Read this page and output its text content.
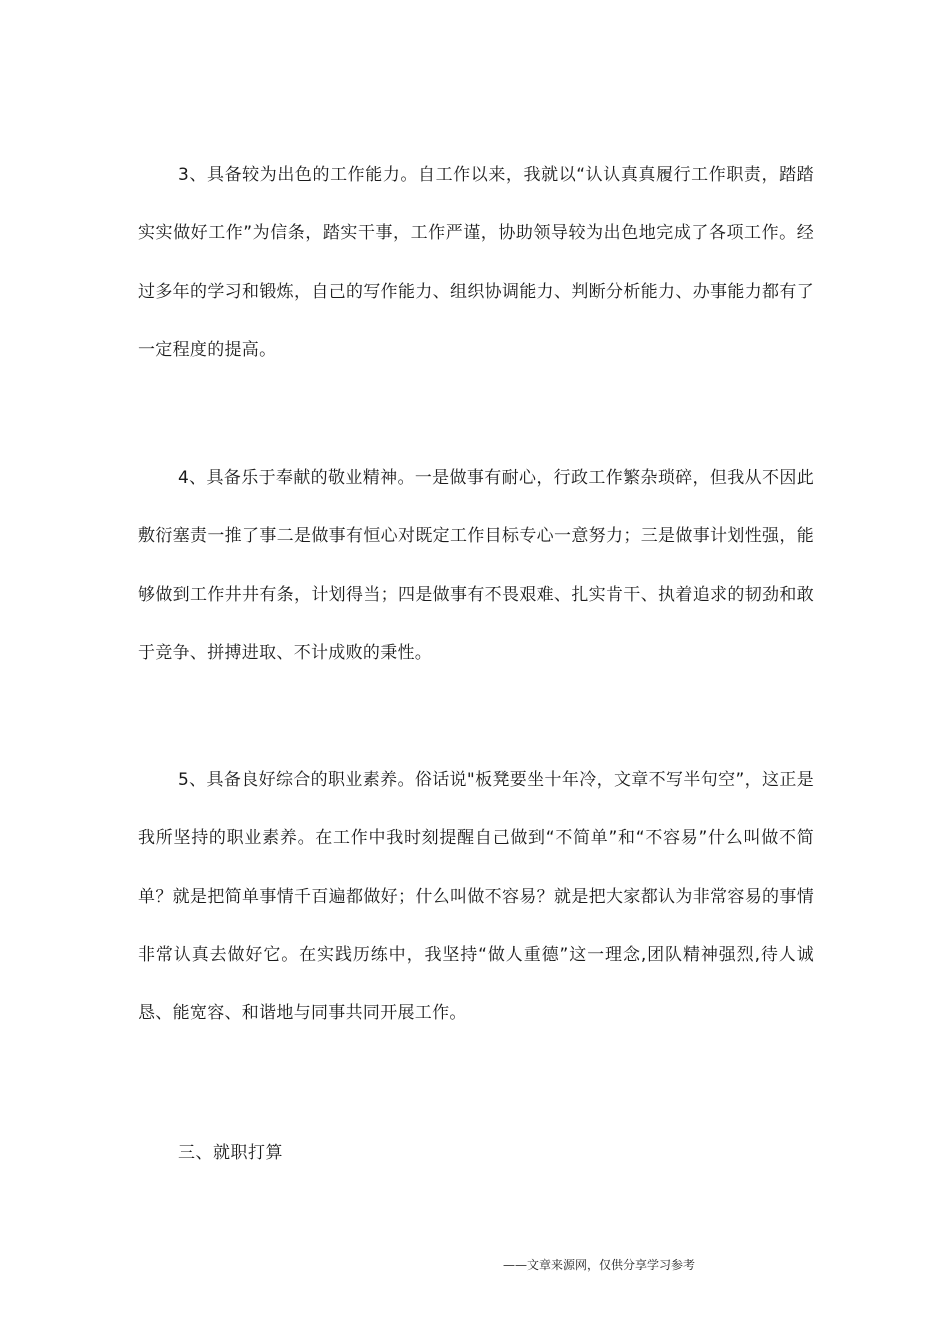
3、具备较为出色的工作能力。自工作以来，我就以“认认真真履行工作职责，踏踏实实做好工作”为信条，踏实干事，工作严谨，协助领导较为出色地完成了各项工作。经过多年的学习和锻炼，自己的写作能力、组织协调能力、判断分析能力、办事能力都有了一定程度的提高。

4、具备乐于奉献的敬业精神。一是做事有耐心，行政工作繁杂琐碎，但我从不因此敷衍塞责一推了事二是做事有恒心对既定工作目标专心一意努力；三是做事计划性强，能够做到工作井井有条，计划得当；四是做事有不畏艰难、扎实肯干、执着追求的韧劲和敢于竞争、拼搏进取、不计成败的秉性。

5、具备良好综合的职业素养。俗话说"板凳要坐十年冷，文章不写半句空”，这正是我所坚持的职业素养。在工作中我时刻提醒自己做到“不简单”和“不容易”什么叫做不简单？就是把简单事情千百遍都做好；什么叫做不容易？就是把大家都认为非常容易的事情非常认真去做好它。在实践历练中，我坚持“做人重德”这一理念,团队精神强烈,待人诚恳、能宽容、和谐地与同事共同开展工作。

三、就职打算

——文章来源网，仅供分享学习参考
